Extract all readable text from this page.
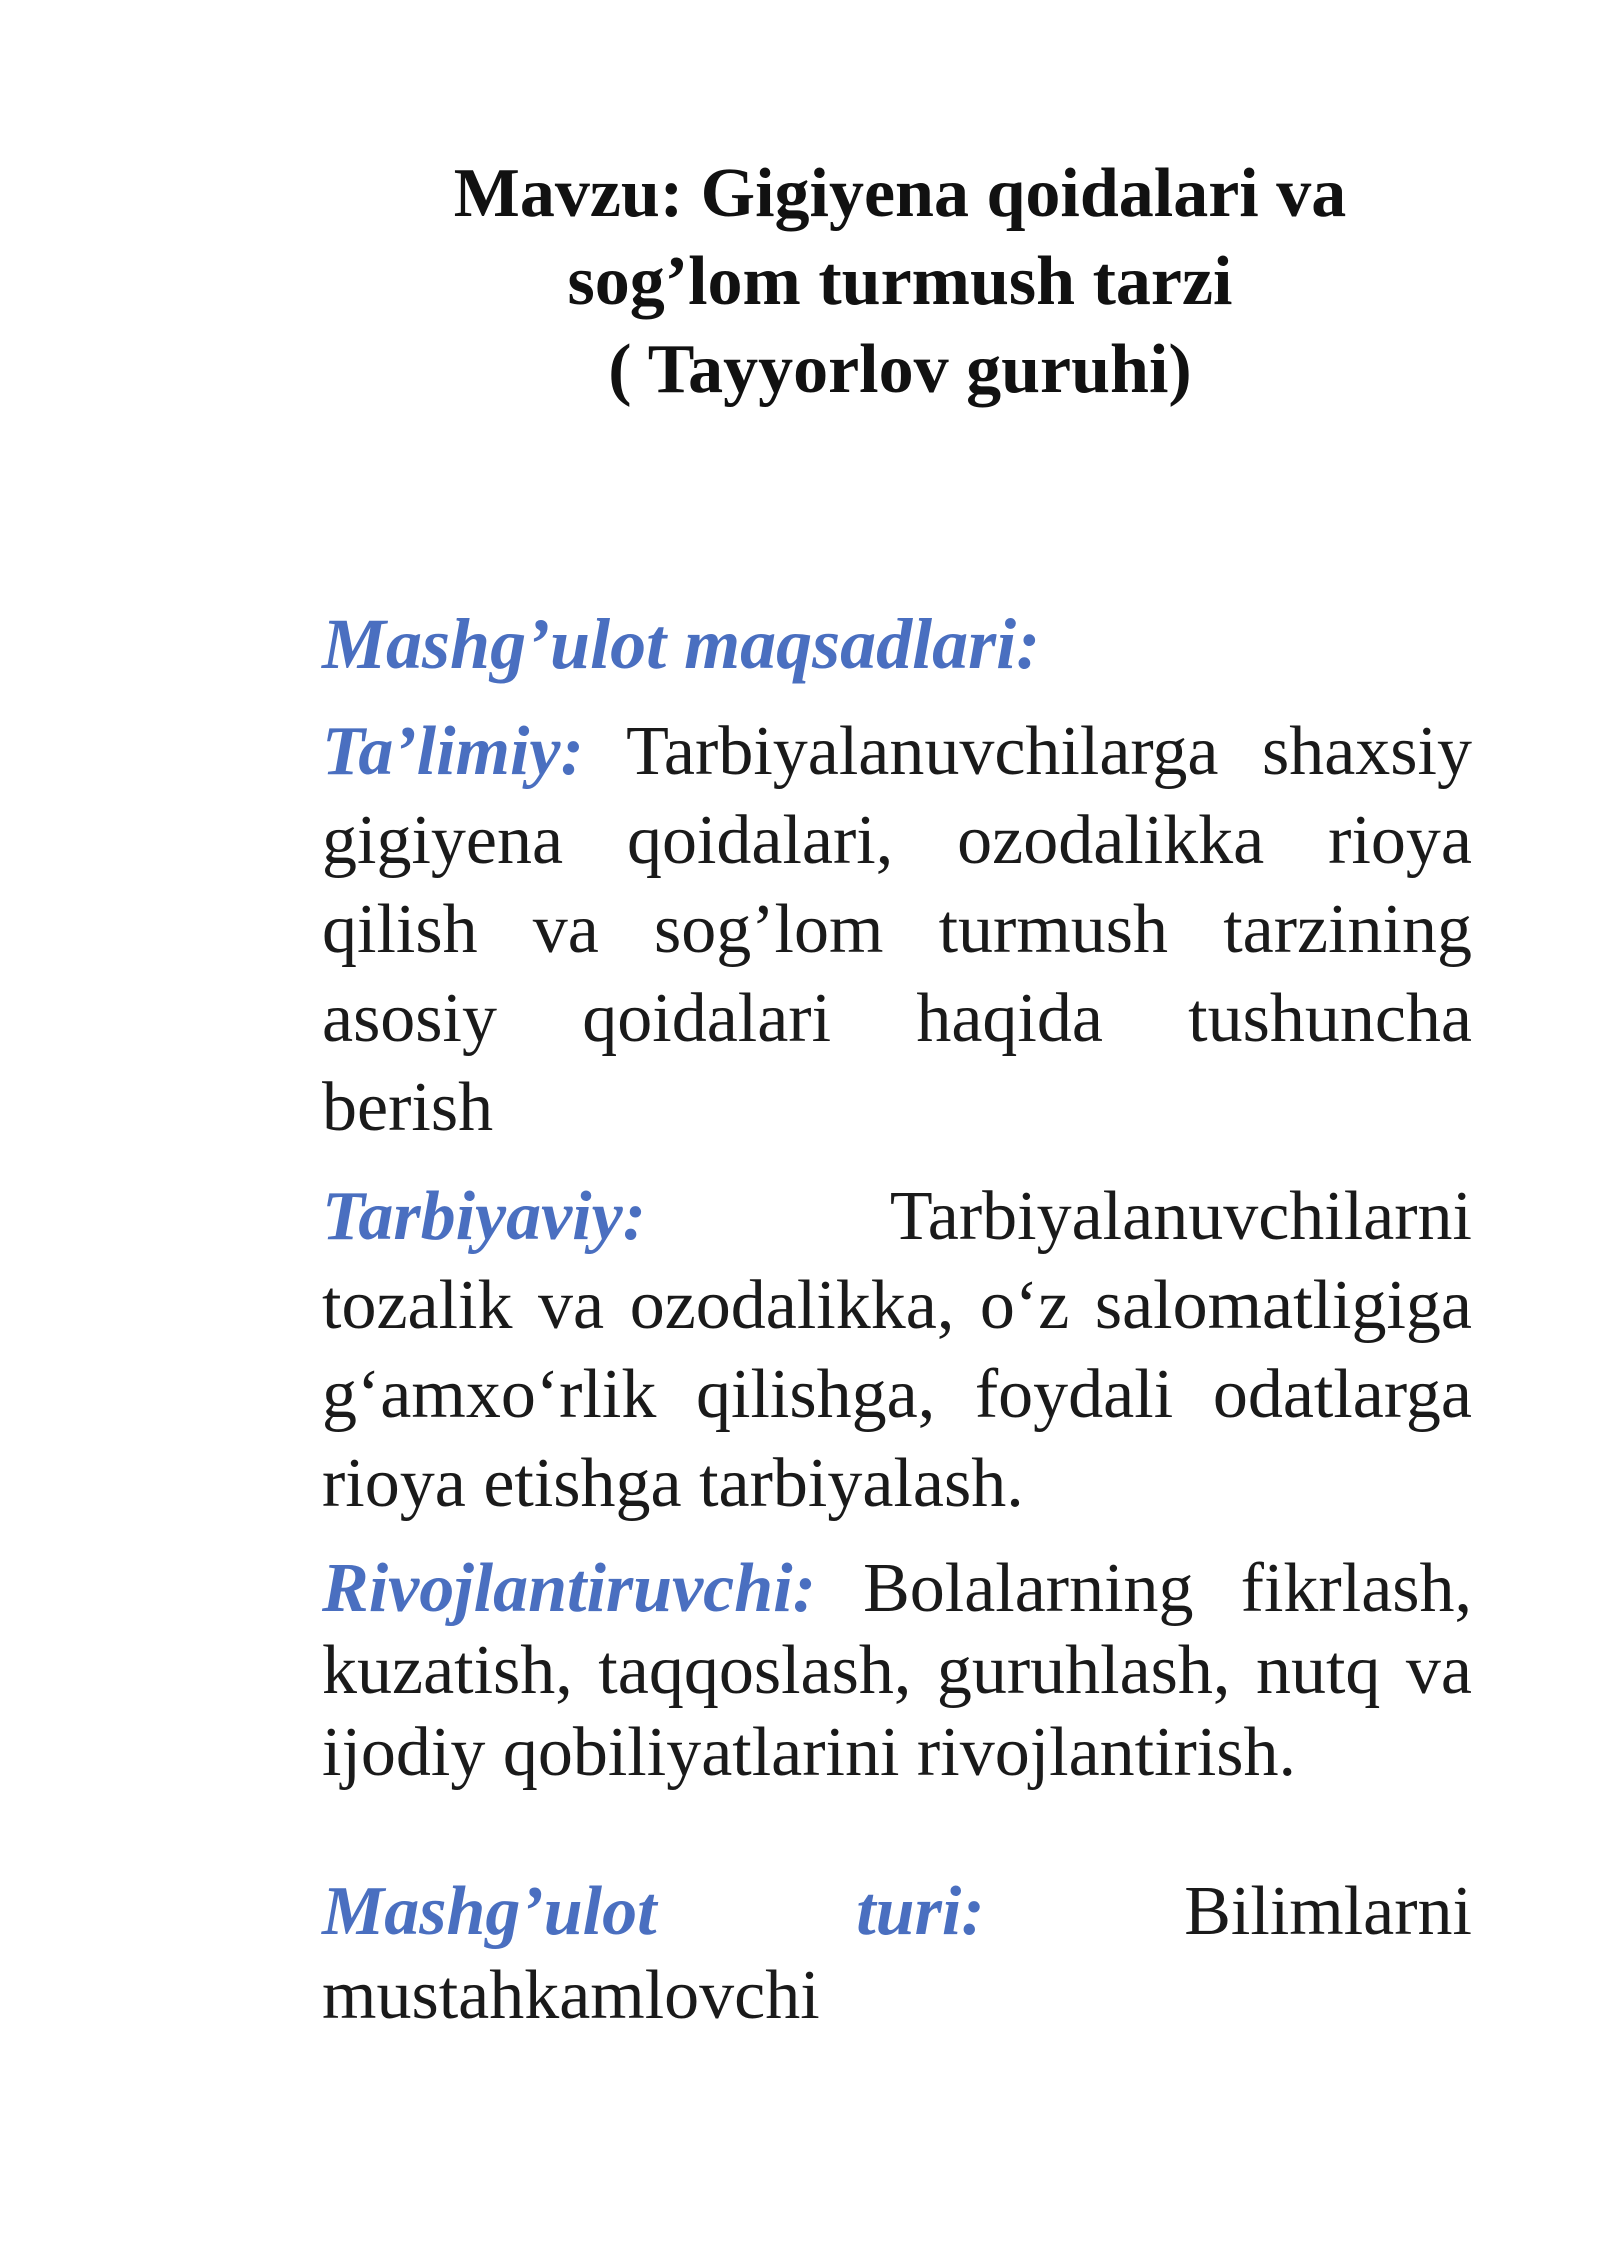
Mavzu: Gigiyena qoidalari va
sog’lom turmush tarzi
( Tayyorlov guruhi)

Mashg’ulot maqsadlari:

Ta’limiy: Tarbiyalanuvchilarga shaxsiy
gigiyena qoidalari, ozodalikka rioya
qilish va sog’lom turmush tarzining
asosiy qoidalari haqida tushuncha
berish
Tarbiyaviy:	Tarbiyalanuvchilarni
tozalik va ozodalikka, o‘z salomatligiga
g‘amxo‘rlik qilishga, foydali odatlarga
rioya etishga tarbiyalash.
Rivojlantiruvchi: Bolalarning fikrlash,
kuzatish, taqqoslash, guruhlash, nutq va
ijodiy qobiliyatlarini rivojlantirish.
Mashg’ulot	turi:	Bilimlarni
mustahkamlovchi
